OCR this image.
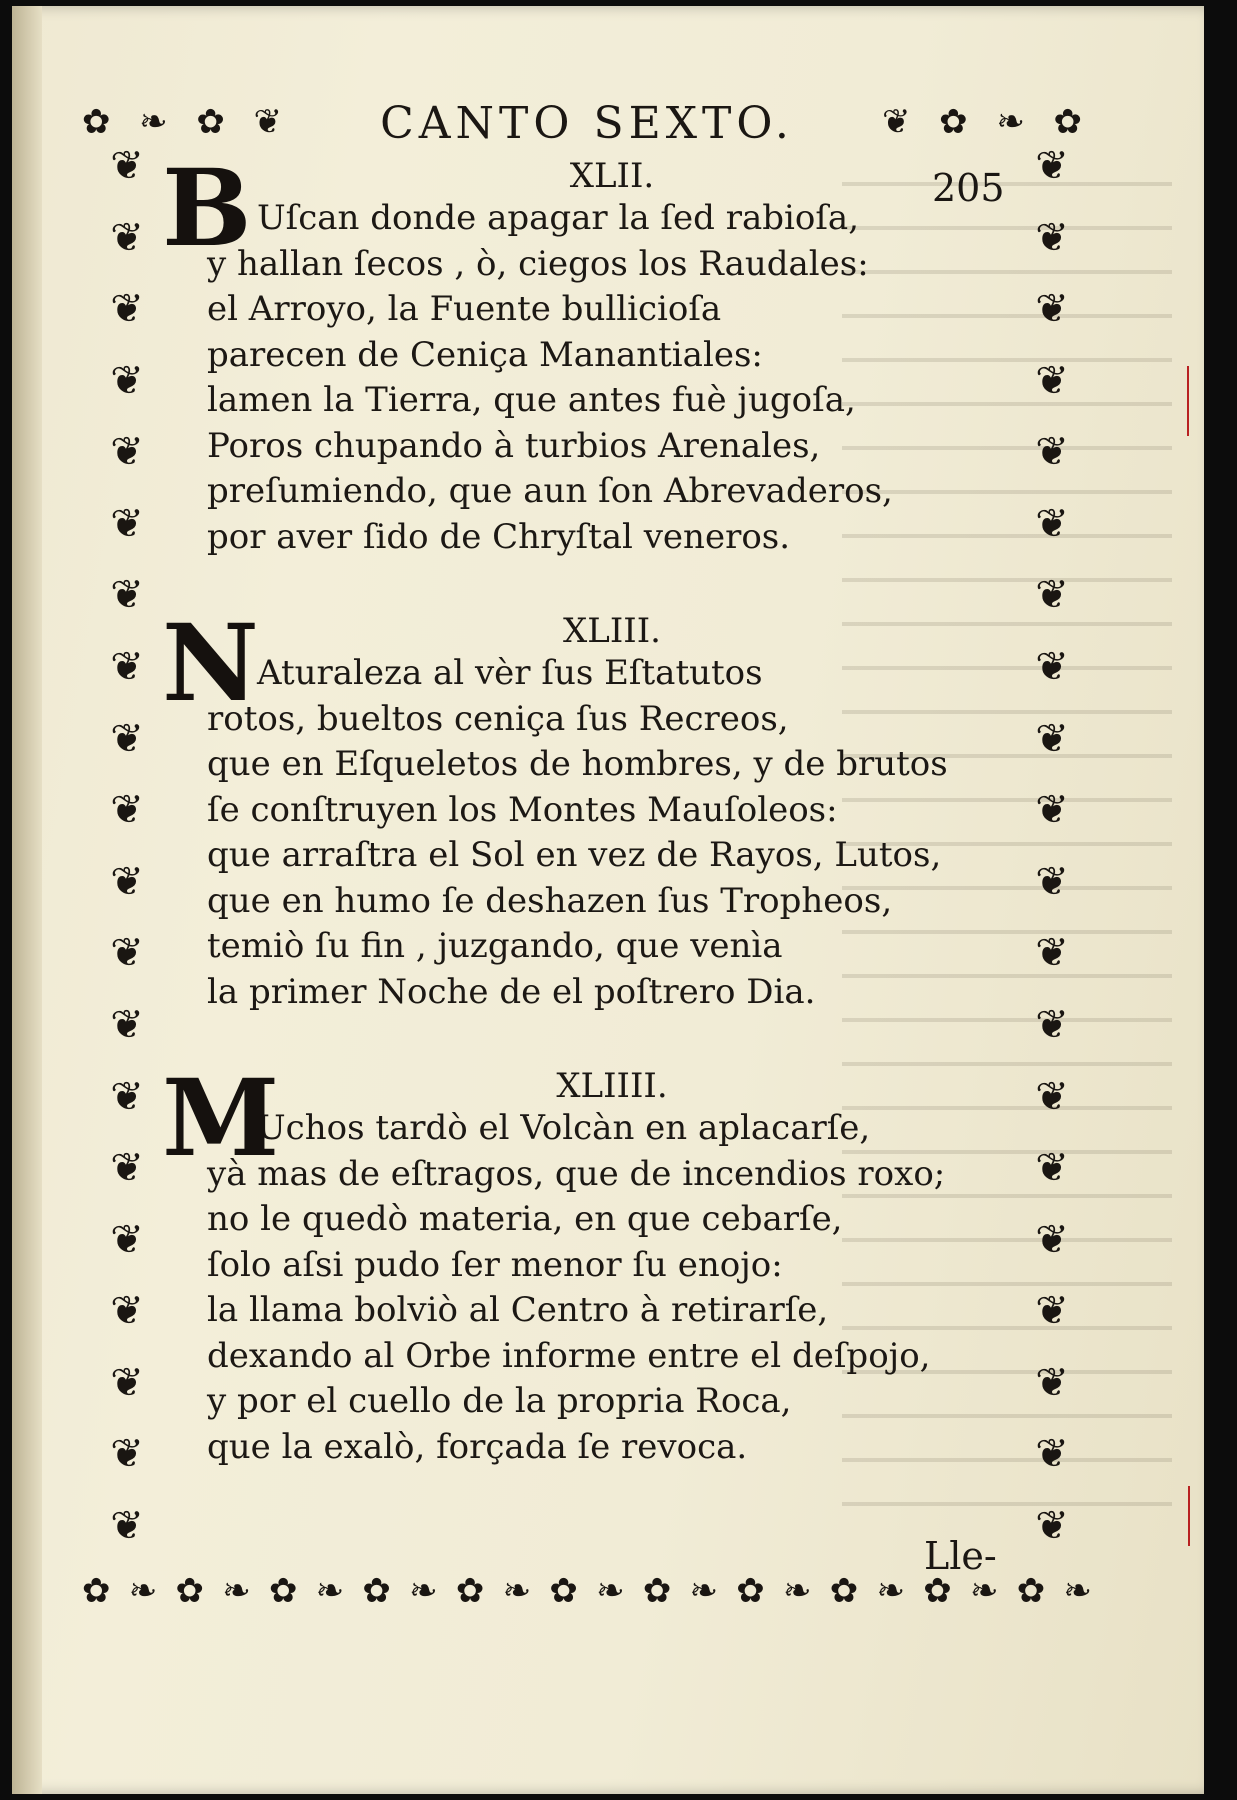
✿ ❧ ✿ ❦	❦ ✿ ❧ ✿
❦
❦
❦
❦
❦
❦
❦
❦
❦
❦
❦
❦
❦
❦
❦
❦
❦
❦
❦
❦
❦
❦
❦
❦
❦
❦
❦
❦
❦
❦
❦
❦
❦
❦
❦
❦
❦
❦
❦
❦
✿ ❧ ✿ ❧ ✿ ❧ ✿ ❧ ✿ ❧ ✿ ❧ ✿ ❧ ✿ ❧ ✿ ❧ ✿ ❧ ✿ ❧
CANTO SEXTO.
205
B	XLII.
Uſcan donde apagar la ſed rabioſa,
y hallan ſecos , ò, ciegos los Raudales:
el Arroyo, la Fuente bullicioſa
parecen de Ceniça Manantiales:
lamen la Tierra, que antes fuè jugoſa,
Poros chupando à turbios Arenales,
preſumiendo, que aun ſon Abrevaderos,
por aver ſido de Chryſtal veneros.
N	XLIII.
Aturaleza al vèr ſus Eſtatutos
rotos, bueltos ceniça ſus Recreos,
que en Eſqueletos de hombres, y de brutos
ſe conſtruyen los Montes Mauſoleos:
que arraſtra el Sol en vez de Rayos, Lutos,
que en humo ſe deshazen ſus Tropheos,
temiò ſu fin , juzgando, que venìa
la primer Noche de el poſtrero Dia.
M	XLIIII.
Uchos tardò el Volcàn en aplacarſe,
yà mas de eſtragos, que de incendios roxo;
no le quedò materia, en que cebarſe,
ſolo aſsi pudo ſer menor ſu enojo:
la llama bolviò al Centro à retirarſe,
dexando al Orbe informe entre el deſpojo,
y por el cuello de la propria Roca,
que la exalò, forçada ſe revoca.
Lle-
